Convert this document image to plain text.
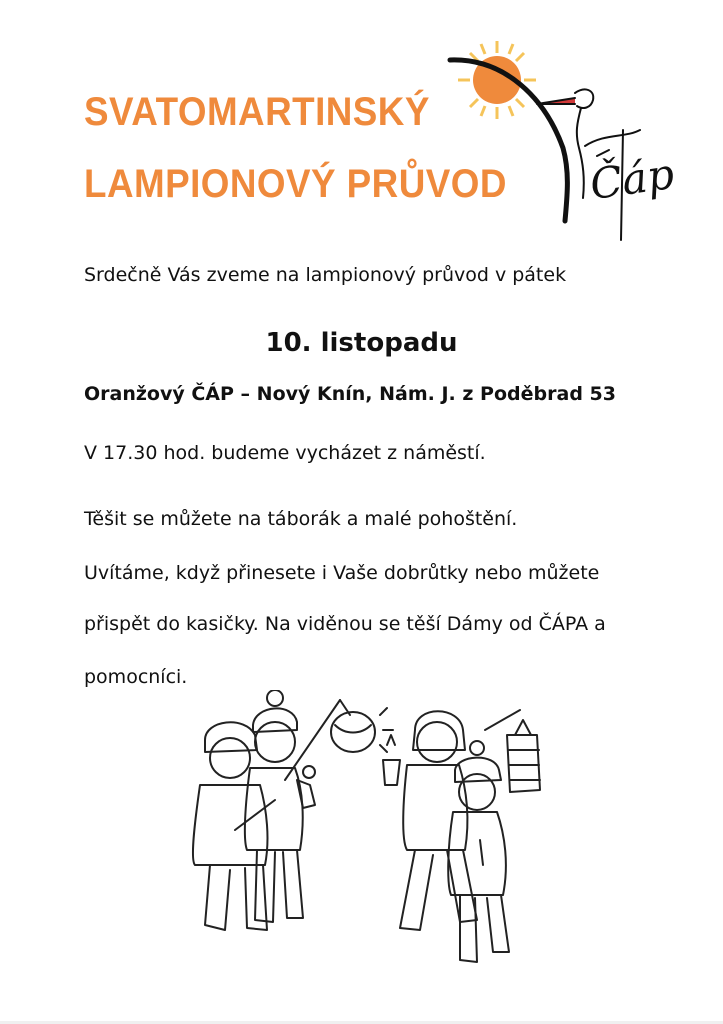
SVATOMARTINSKÝ
LAMPIONOVÝ PRŮVOD Čáp

Srdečně Vás zveme na lampionový průvod v pátek

10. listopadu

Oranžový ČÁP – Nový Knín, Nám. J. z Poděbrad 53

V 17.30 hod. budeme vycházet z náměstí.

Těšit se můžete na táborák a malé pohoštění.

Uvítáme, když přinesete i Vaše dobrůtky nebo můžete

přispět do kasičky. Na viděnou se těší Dámy od ČÁPA a

pomocníci.
